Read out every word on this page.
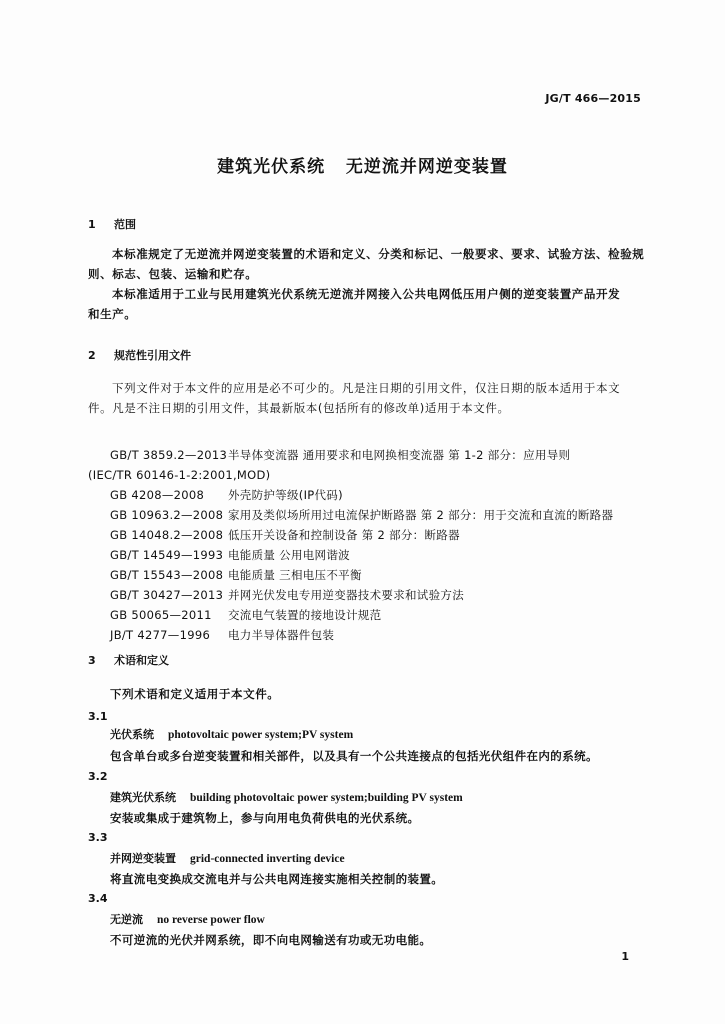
JG/T 466—2015
建筑光伏系统   无逆流并网逆变装置
1 范围
本标准规定了无逆流并网逆变装置的术语和定义、分类和标记、一般要求、要求、试验方法、检验规
则、标志、包装、运输和贮存。
本标准适用于工业与民用建筑光伏系统无逆流并网接入公共电网低压用户侧的逆变装置产品开发
和生产。
2 规范性引用文件
下列文件对于本文件的应用是必不可少的。凡是注日期的引用文件，仅注日期的版本适用于本文
件。凡是不注日期的引用文件，其最新版本(包括所有的修改单)适用于本文件。
GB/T 3859.2—2013半导体变流器 通用要求和电网换相变流器 第 1-2 部分：应用导则
(IEC/TR 60146-1-2:2001,MOD)
GB 4208—2008 外壳防护等级(IP代码)
GB 10963.2—2008 家用及类似场所用过电流保护断路器 第 2 部分：用于交流和直流的断路器
GB 14048.2—2008 低压开关设备和控制设备 第 2 部分：断路器
GB/T 14549—1993 电能质量 公用电网谐波
GB/T 15543—2008 电能质量 三相电压不平衡
GB/T 30427—2013 并网光伏发电专用逆变器技术要求和试验方法
GB 50065—2011 交流电气装置的接地设计规范
JB/T 4277—1996 电力半导体器件包装
3 术语和定义
下列术语和定义适用于本文件。
3.1
光伏系统 photovoltaic power system;PV system
包含单台或多台逆变装置和相关部件，以及具有一个公共连接点的包括光伏组件在内的系统。
3.2
建筑光伏系统 building photovoltaic power system;building PV system
安装或集成于建筑物上，参与向用电负荷供电的光伏系统。
3.3
并网逆变装置 grid-connected inverting device
将直流电变换成交流电并与公共电网连接实施相关控制的装置。
3.4
无逆流 no reverse power flow
不可逆流的光伏并网系统，即不向电网输送有功或无功电能。
1
